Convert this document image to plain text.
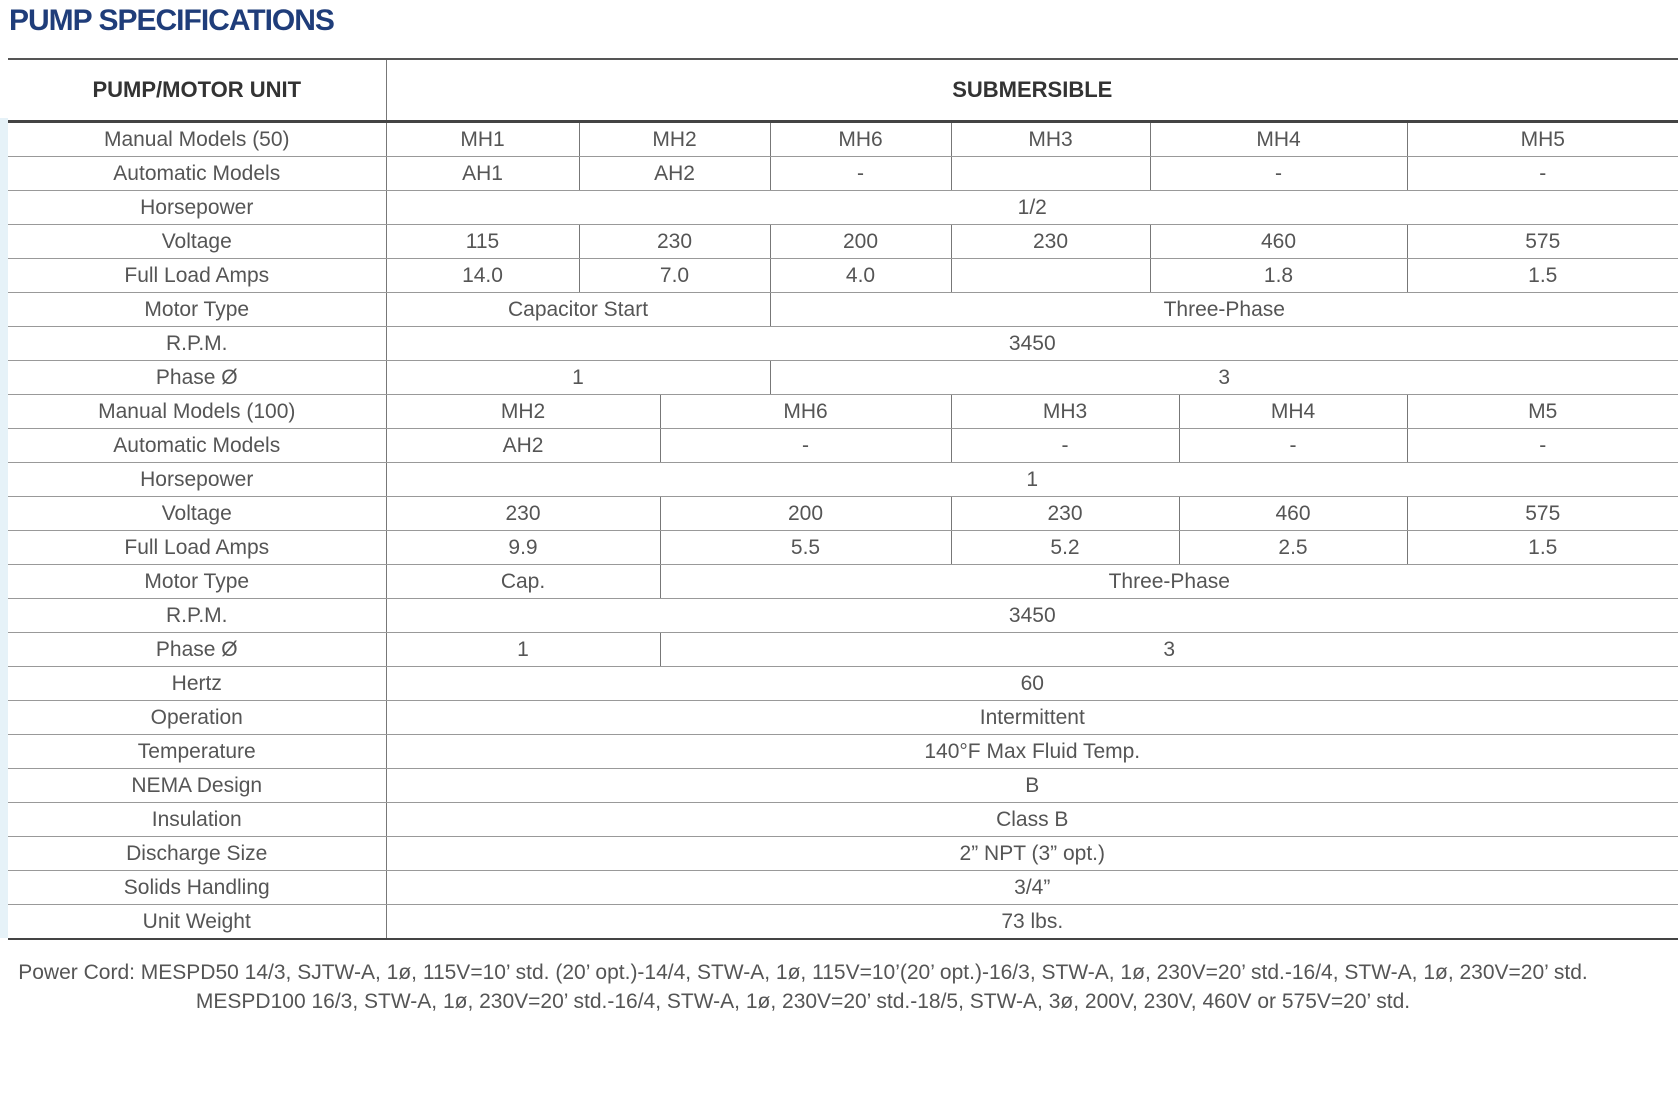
PUMP SPECIFICATIONS
PUMP/MOTOR UNIT	SUBMERSIBLE							
Manual Models (50)	MH1	MH2		MH6	MH3	MH4		MH5
Automatic Models	AH1	AH2		-		-		-
Horsepower	1/2							
Voltage	115	230		200	230	460		575
Full Load Amps	14.0	7.0		4.0		1.8		1.5
Motor Type	Capacitor Start			Three-Phase				
R.P.M.	3450							
Phase Ø	1			3				
Manual Models (100)	MH2		MH6		MH3		MH4	M5
Automatic Models	AH2		-		-		-	-
Horsepower	1							
Voltage	230		200		230		460	575
Full Load Amps	9.9		5.5		5.2		2.5	1.5
Motor Type	Cap.		Three-Phase					
R.P.M.	3450							
Phase Ø	1		3					
Hertz	60							
Operation	Intermittent							
Temperature	140°F Max Fluid Temp.							
NEMA Design	B							
Insulation	Class B							
Discharge Size	2” NPT (3” opt.)							
Solids Handling	3/4”							
Unit Weight	73 lbs.							
Power Cord: MESPD50 14/3, SJTW-A, 1ø, 115V=10’ std. (20’ opt.)-14/4, STW-A, 1ø, 115V=10’(20’ opt.)-16/3, STW-A, 1ø, 230V=20’ std.-16/4, STW-A, 1ø, 230V=20’ std. MESPD100 16/3, STW-A, 1ø, 230V=20’ std.-16/4, STW-A, 1ø, 230V=20’ std.-18/5, STW-A, 3ø, 200V, 230V, 460V or 575V=20’ std.
